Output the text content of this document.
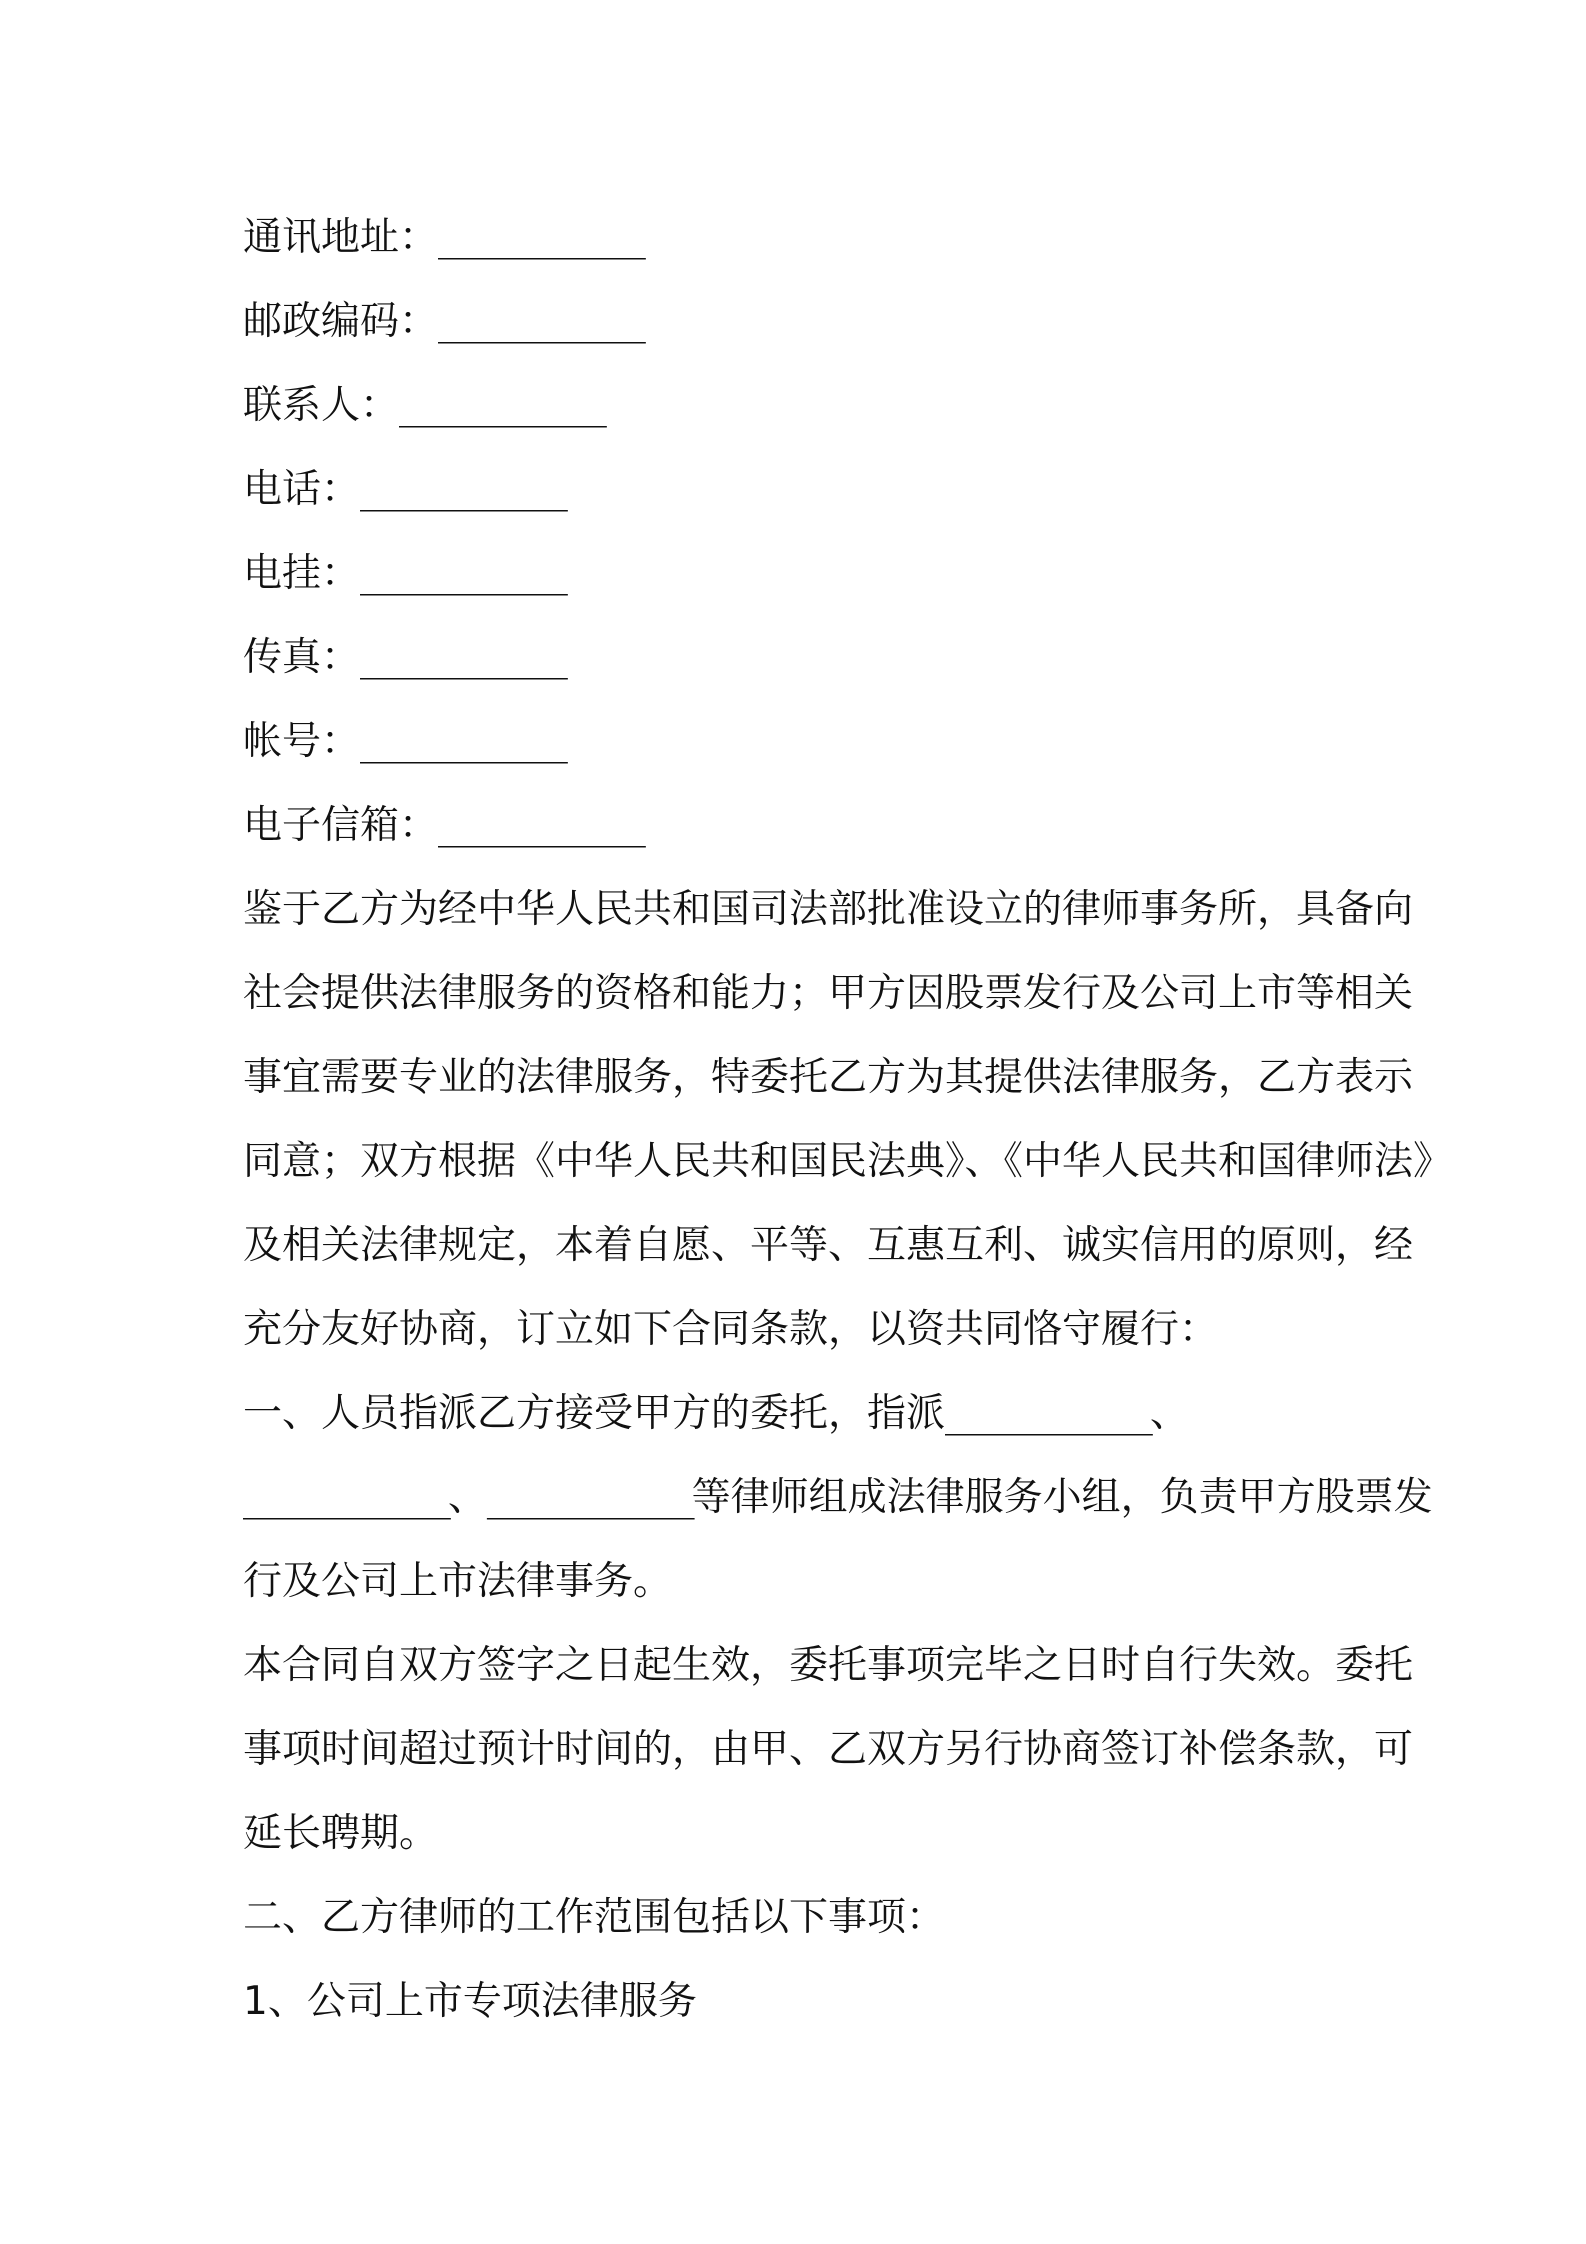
通讯地址：__________

邮政编码：__________

联系人：__________

电话：__________

电挂：__________

传真：__________

帐号：__________

电子信箱：__________

鉴于乙方为经中华人民共和国司法部批准设立的律师事务所，具备向

社会提供法律服务的资格和能力；甲方因股票发行及公司上市等相关

事宜需要专业的法律服务，特委托乙方为其提供法律服务，乙方表示

同意；双方根据《中华人民共和国民法典》、《中华人民共和国律师法》

及相关法律规定，本着自愿、平等、互惠互利、诚实信用的原则，经

充分友好协商，订立如下合同条款，以资共同恪守履行：

一、人员指派乙方接受甲方的委托，指派__________、

__________、__________等律师组成法律服务小组，负责甲方股票发

行及公司上市法律事务。

本合同自双方签字之日起生效，委托事项完毕之日时自行失效。委托

事项时间超过预计时间的，由甲、乙双方另行协商签订补偿条款，可

延长聘期。

二、乙方律师的工作范围包括以下事项：

1、公司上市专项法律服务
